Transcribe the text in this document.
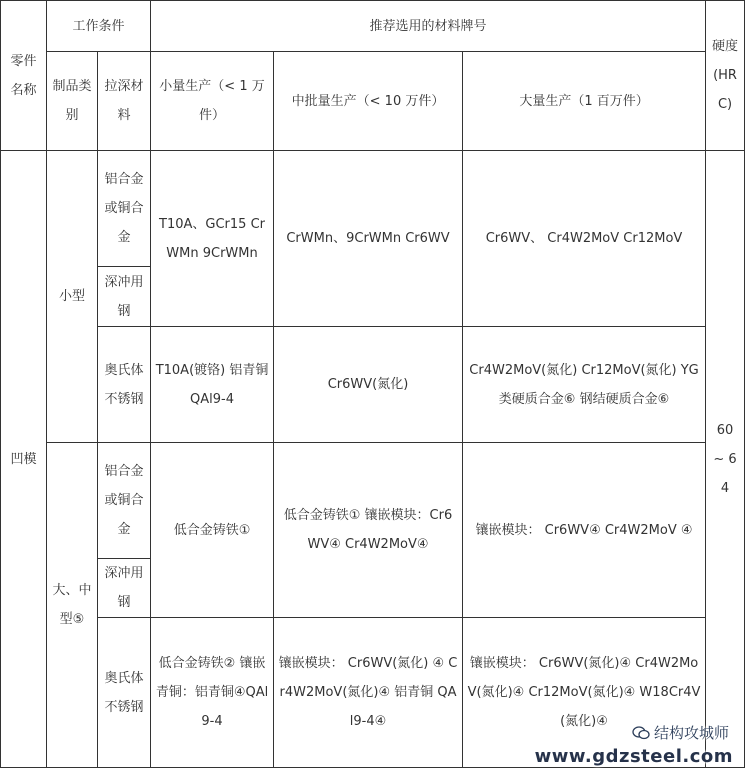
零件名称	工作条件		推荐选用的材料牌号			硬度(HRC)
	制品类别	拉深材料	小量生产（< 1 万件）	中批量生产（< 10 万件）	大量生产（1 百万件）	
凹模	小型	铝合金或铜合金	T10A、GCr15 CrWMn 9CrWMn	CrWMn、9CrWMn Cr6WV	Cr6WV、 Cr4W2MoV Cr12MoV	60 ~ 64
		深冲用钢				
		奥氏体不锈钢	T10A(镀铬) 铝青铜 QAl9-4	Cr6WV(氮化)	Cr4W2MoV(氮化) Cr12MoV(氮化) YG 类硬质合金⑥ 钢结硬质合金⑥	
	大、中型⑤	铝合金或铜合金	低合金铸铁①	低合金铸铁① 镶嵌模块：Cr6WV④ Cr4W2MoV④	镶嵌模块： Cr6WV④ Cr4W2MoV ④	
		深冲用钢				
		奥氏体不锈钢	低合金铸铁② 镶嵌青铜：铝青铜④QAl9-4	镶嵌模块： Cr6WV(氮化) ④ Cr4W2MoV(氮化)④ 铝青铜 QAl9-4④	镶嵌模块： Cr6WV(氮化)④ Cr4W2MoV(氮化)④ Cr12MoV(氮化)④ W18Cr4V(氮化)④	
结构攻城师
www.gdzsteel.com
